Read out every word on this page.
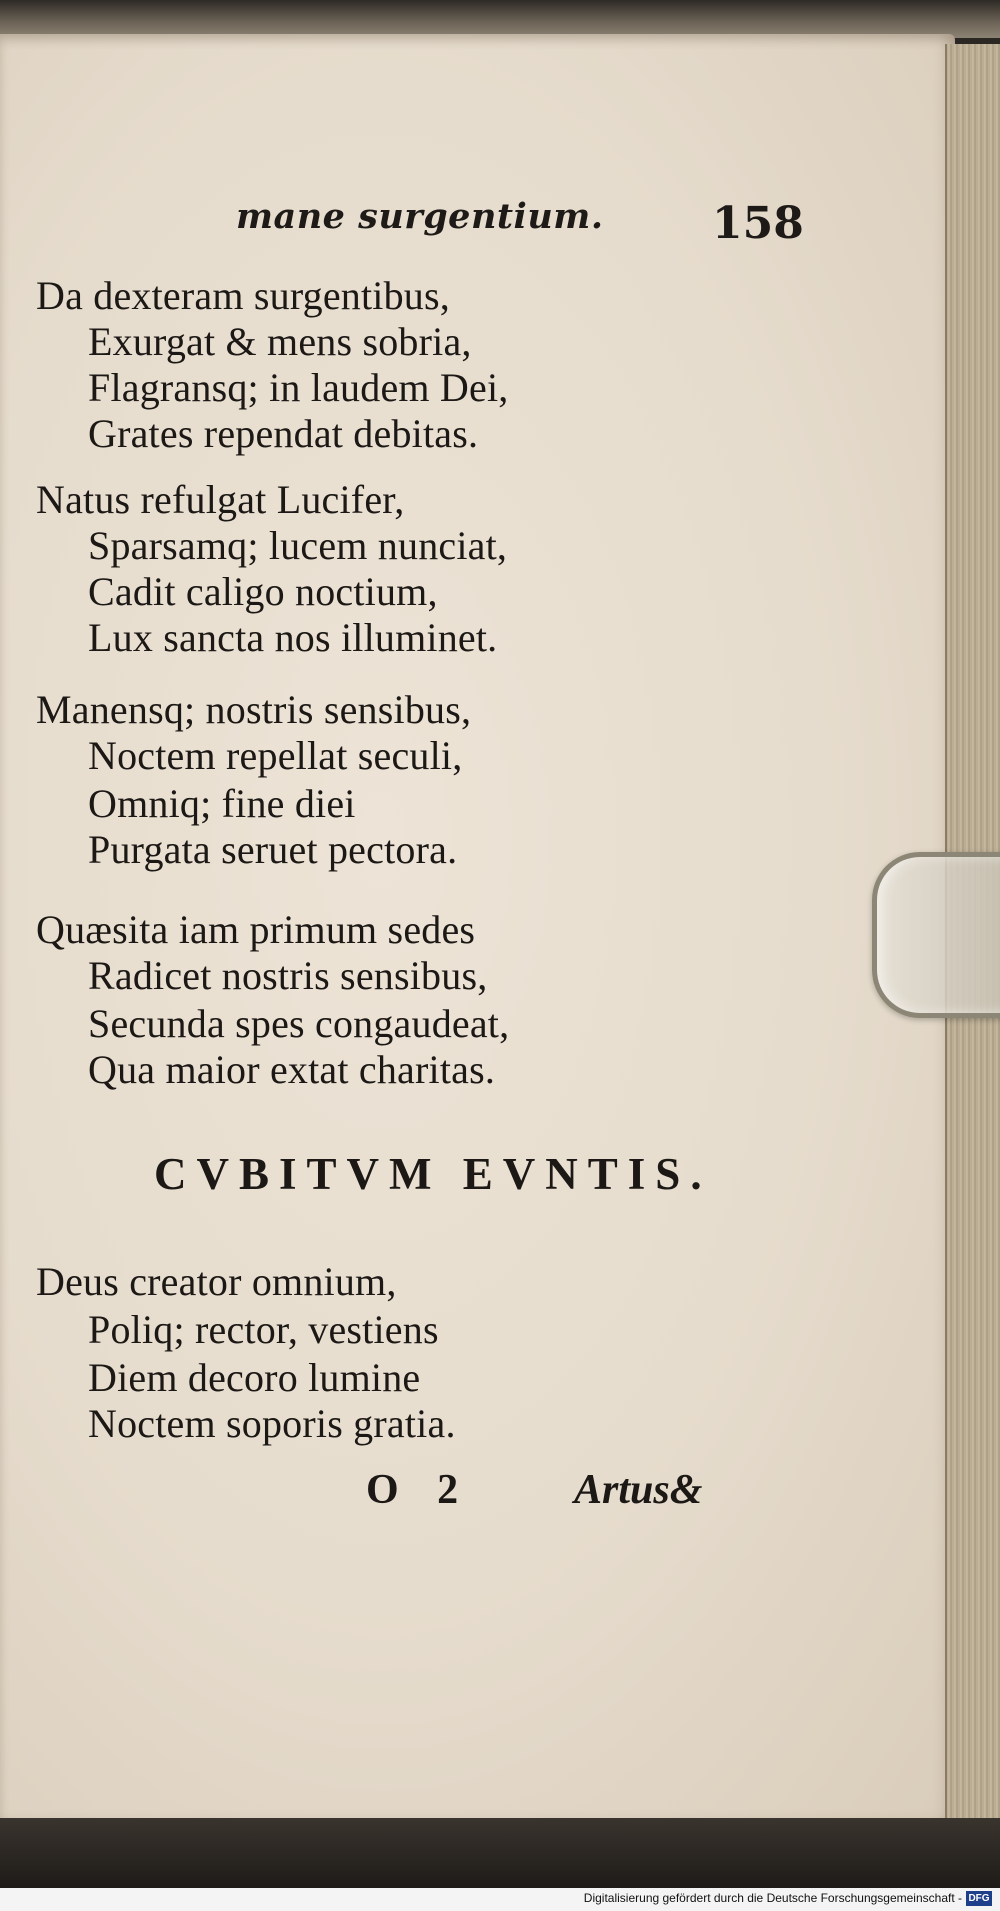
mane surgentium. 158
Da dexteram surgentibus,
Exurgat & mens sobria,
Flagransq; in laudem Dei,
Grates rependat debitas.
Natus refulgat Lucifer,
Sparsamq; lucem nunciat,
Cadit caligo noctium,
Lux sancta nos illuminet.
Manensq; nostris sensibus,
Noctem repellat seculi,
Omniq; fine diei
Purgata seruet pectora.
Quæsita iam primum sedes
Radicet nostris sensibus,
Secunda spes congaudeat,
Qua maior extat charitas.
CVBITVM EVNTIS.
Deus creator omnium,
Poliq; rector, vestiens
Diem decoro lumine
Noctem soporis gratia.
O 2 Artus&
Digitalisierung gefördert durch die Deutsche Forschungsgemeinschaft - DFG
